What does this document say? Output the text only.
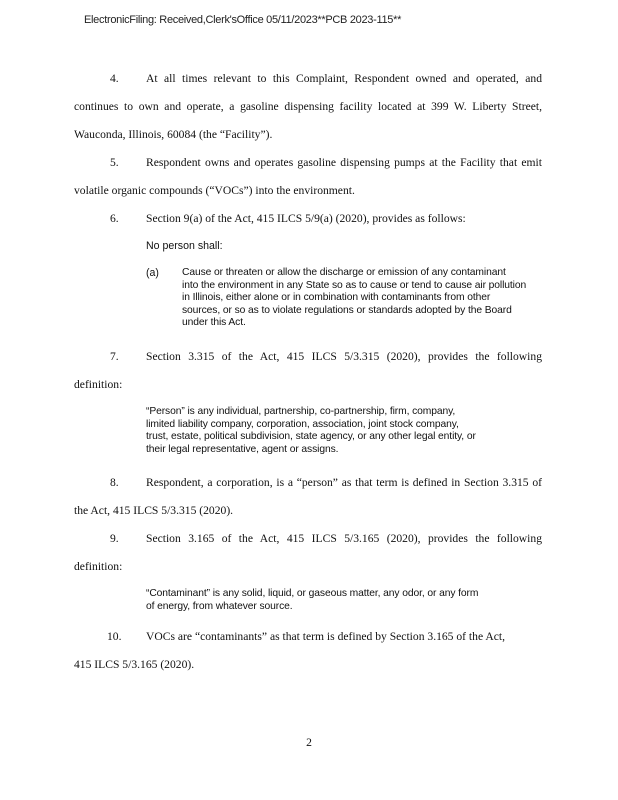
ElectronicFiling: Received,Clerk'sOffice 05/11/2023**PCB 2023-115**
4. At all times relevant to this Complaint, Respondent owned and operated, and
continues to own and operate, a gasoline dispensing facility located at 399 W. Liberty Street,
Wauconda, Illinois, 60084 (the “Facility”).
5. Respondent owns and operates gasoline dispensing pumps at the Facility that emit
volatile organic compounds (“VOCs”) into the environment.
6. Section 9(a) of the Act, 415 ILCS 5/9(a) (2020), provides as follows:
No person shall:
(a) Cause or threaten or allow the discharge or emission of any contaminant
into the environment in any State so as to cause or tend to cause air pollution
in Illinois, either alone or in combination with contaminants from other
sources, or so as to violate regulations or standards adopted by the Board
under this Act.
7. Section 3.315 of the Act, 415 ILCS 5/3.315 (2020), provides the following
definition:
“Person” is any individual, partnership, co-partnership, firm, company,
limited liability company, corporation, association, joint stock company,
trust, estate, political subdivision, state agency, or any other legal entity, or
their legal representative, agent or assigns.
8. Respondent, a corporation, is a “person” as that term is defined in Section 3.315 of
the Act, 415 ILCS 5/3.315 (2020).
9. Section 3.165 of the Act, 415 ILCS 5/3.165 (2020), provides the following
definition:
“Contaminant” is any solid, liquid, or gaseous matter, any odor, or any form
of energy, from whatever source.
10. VOCs are “contaminants” as that term is defined by Section 3.165 of the Act,
415 ILCS 5/3.165 (2020).
2
